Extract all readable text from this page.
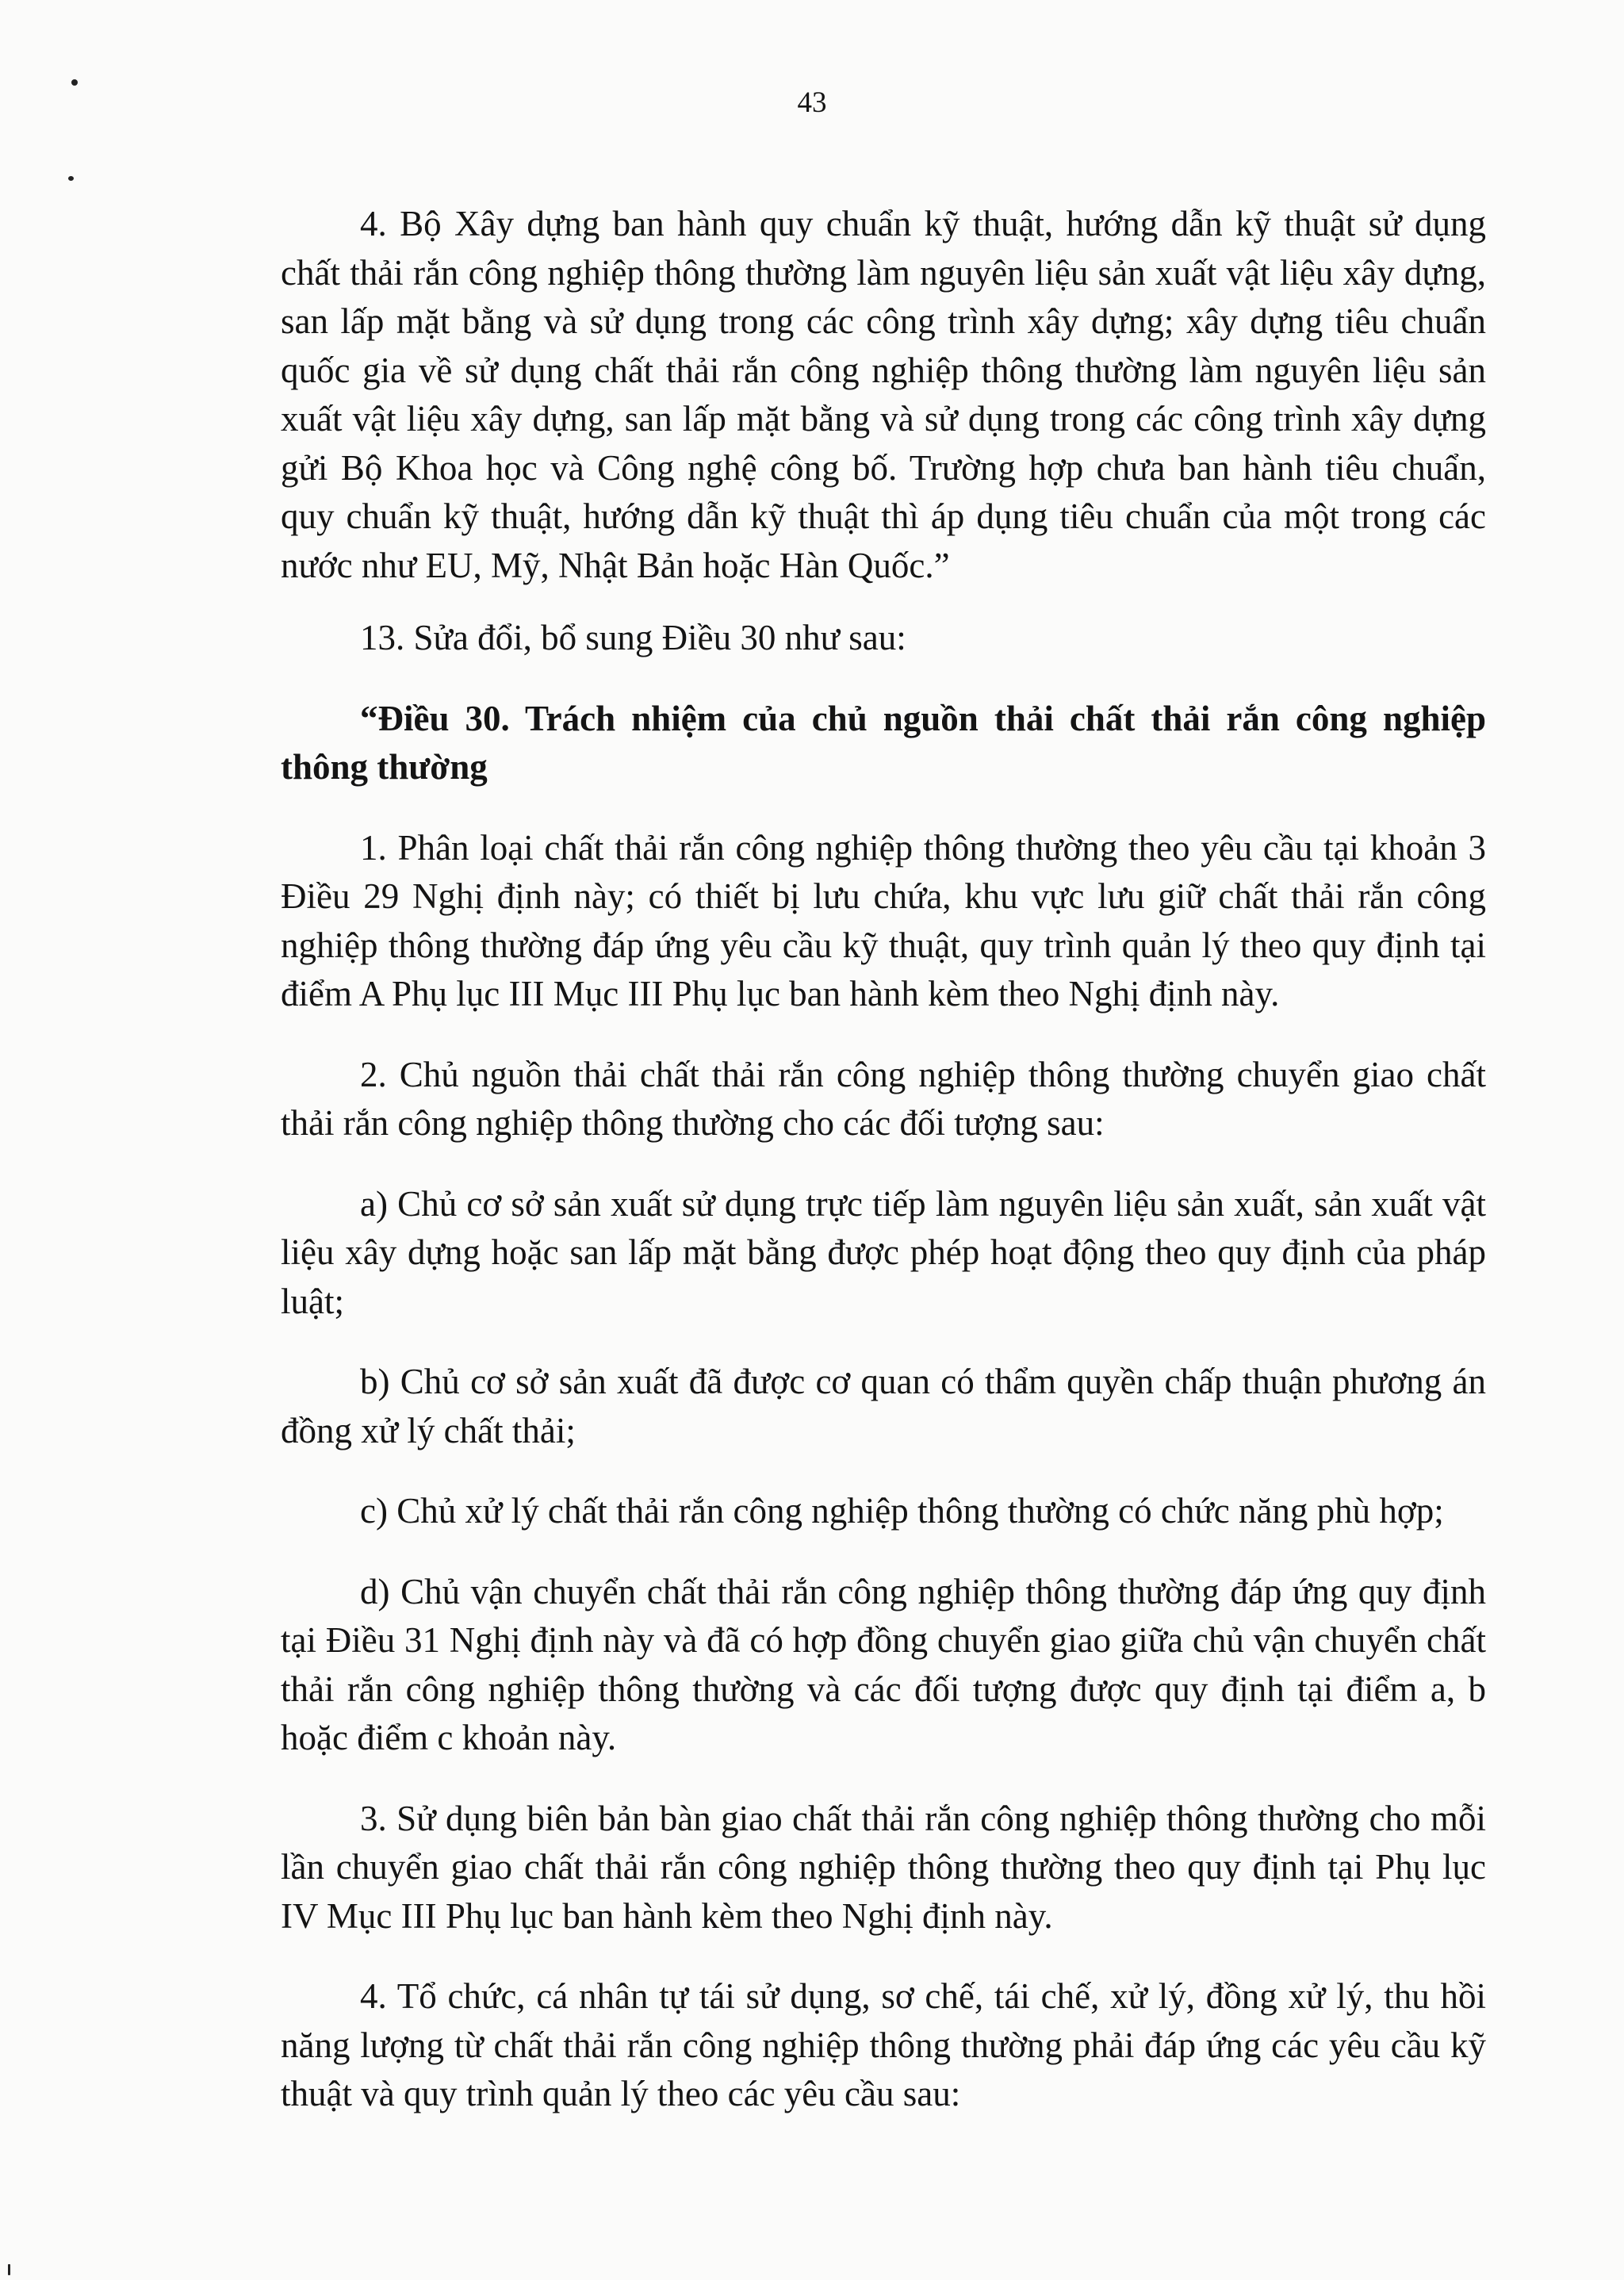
43

4. Bộ Xây dựng ban hành quy chuẩn kỹ thuật, hướng dẫn kỹ thuật sử dụng chất thải rắn công nghiệp thông thường làm nguyên liệu sản xuất vật liệu xây dựng, san lấp mặt bằng và sử dụng trong các công trình xây dựng; xây dựng tiêu chuẩn quốc gia về sử dụng chất thải rắn công nghiệp thông thường làm nguyên liệu sản xuất vật liệu xây dựng, san lấp mặt bằng và sử dụng trong các công trình xây dựng gửi Bộ Khoa học và Công nghệ công bố. Trường hợp chưa ban hành tiêu chuẩn, quy chuẩn kỹ thuật, hướng dẫn kỹ thuật thì áp dụng tiêu chuẩn của một trong các nước như EU, Mỹ, Nhật Bản hoặc Hàn Quốc.”

13. Sửa đổi, bổ sung Điều 30 như sau:

“Điều 30. Trách nhiệm của chủ nguồn thải chất thải rắn công nghiệp thông thường

1. Phân loại chất thải rắn công nghiệp thông thường theo yêu cầu tại khoản 3 Điều 29 Nghị định này; có thiết bị lưu chứa, khu vực lưu giữ chất thải rắn công nghiệp thông thường đáp ứng yêu cầu kỹ thuật, quy trình quản lý theo quy định tại điểm A Phụ lục III Mục III Phụ lục ban hành kèm theo Nghị định này.

2. Chủ nguồn thải chất thải rắn công nghiệp thông thường chuyển giao chất thải rắn công nghiệp thông thường cho các đối tượng sau:

a) Chủ cơ sở sản xuất sử dụng trực tiếp làm nguyên liệu sản xuất, sản xuất vật liệu xây dựng hoặc san lấp mặt bằng được phép hoạt động theo quy định của pháp luật;

b) Chủ cơ sở sản xuất đã được cơ quan có thẩm quyền chấp thuận phương án đồng xử lý chất thải;

c) Chủ xử lý chất thải rắn công nghiệp thông thường có chức năng phù hợp;

d) Chủ vận chuyển chất thải rắn công nghiệp thông thường đáp ứng quy định tại Điều 31 Nghị định này và đã có hợp đồng chuyển giao giữa chủ vận chuyển chất thải rắn công nghiệp thông thường và các đối tượng được quy định tại điểm a, b hoặc điểm c khoản này.

3. Sử dụng biên bản bàn giao chất thải rắn công nghiệp thông thường cho mỗi lần chuyển giao chất thải rắn công nghiệp thông thường theo quy định tại Phụ lục IV Mục III Phụ lục ban hành kèm theo Nghị định này.

4. Tổ chức, cá nhân tự tái sử dụng, sơ chế, tái chế, xử lý, đồng xử lý, thu hồi năng lượng từ chất thải rắn công nghiệp thông thường phải đáp ứng các yêu cầu kỹ thuật và quy trình quản lý theo các yêu cầu sau:
